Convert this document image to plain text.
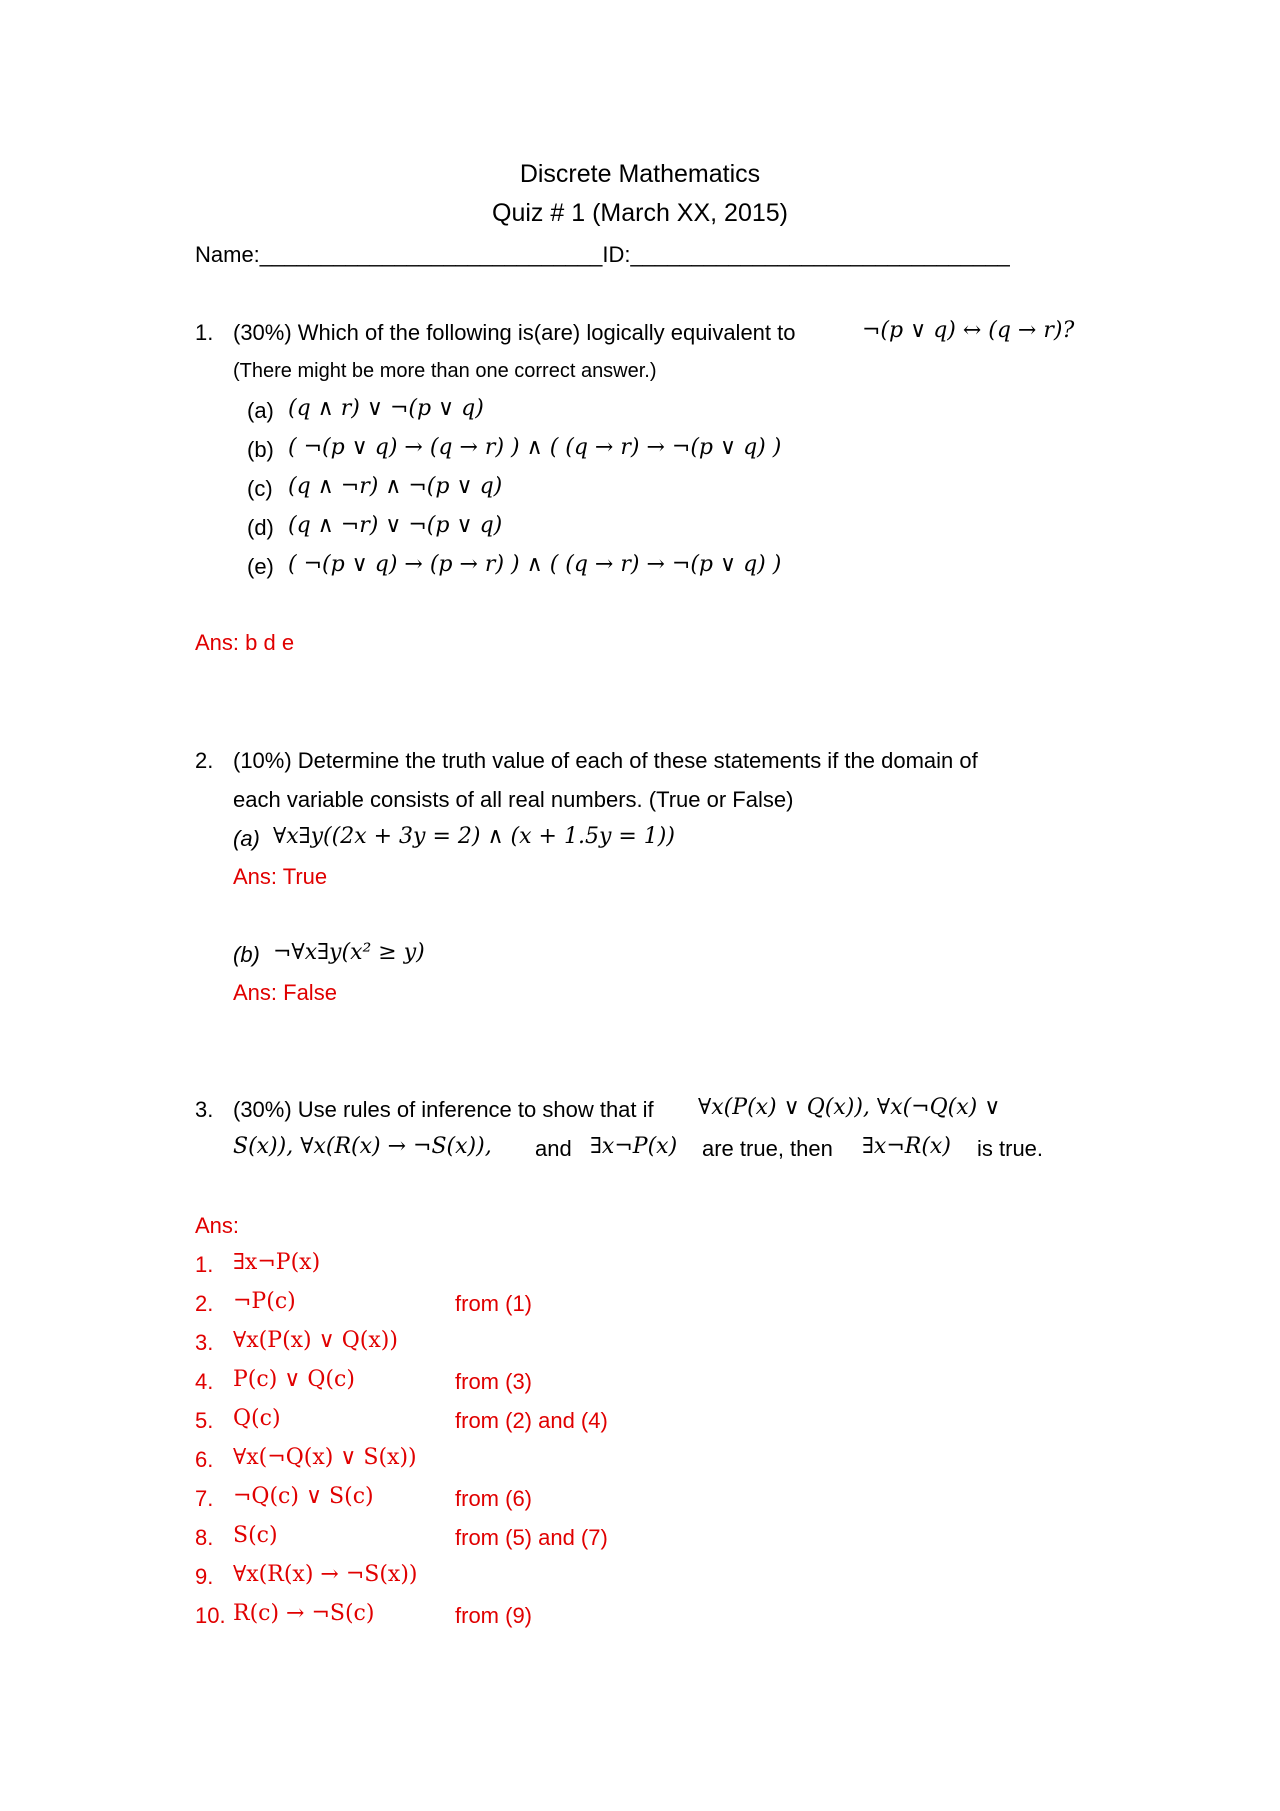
Discrete Mathematics
Quiz # 1 (March XX, 2015)
Name:____________________________ID:_______________________________
1. (30%) Which of the following is(are) logically equivalent to	¬(p ∨ q) ↔ (q → r)?
(There might be more than one correct answer.)
(a) (q ∧ r) ∨ ¬(p ∨ q)
(b) ( ¬(p ∨ q) → (q → r) ) ∧ ( (q → r) → ¬(p ∨ q) )
(c) (q ∧ ¬r) ∧ ¬(p ∨ q)
(d) (q ∧ ¬r) ∨ ¬(p ∨ q)
(e) ( ¬(p ∨ q) → (p → r) ) ∧ ( (q → r) → ¬(p ∨ q) )
Ans: b d e
2. (10%) Determine the truth value of each of these statements if the domain of
each variable consists of all real numbers. (True or False)
(a) ∀x∃y((2x + 3y = 2) ∧ (x + 1.5y = 1))
Ans: True
(b) ¬∀x∃y(x² ≥ y)
Ans: False
3. (30%) Use rules of inference to show that if ∀x(P(x) ∨ Q(x)), ∀x(¬Q(x) ∨
S(x)), ∀x(R(x) → ¬S(x)), and ∃x¬P(x) are true, then ∃x¬R(x) is true.
Ans:
1. ∃x¬P(x)
2. ¬P(c)	from (1)
3. ∀x(P(x) ∨ Q(x))
4. P(c) ∨ Q(c)	from (3)
5. Q(c)	from (2) and (4)
6. ∀x(¬Q(x) ∨ S(x))
7. ¬Q(c) ∨ S(c)	from (6)
8. S(c)	from (5) and (7)
9. ∀x(R(x) → ¬S(x))
10. R(c) → ¬S(c)	from (9)
